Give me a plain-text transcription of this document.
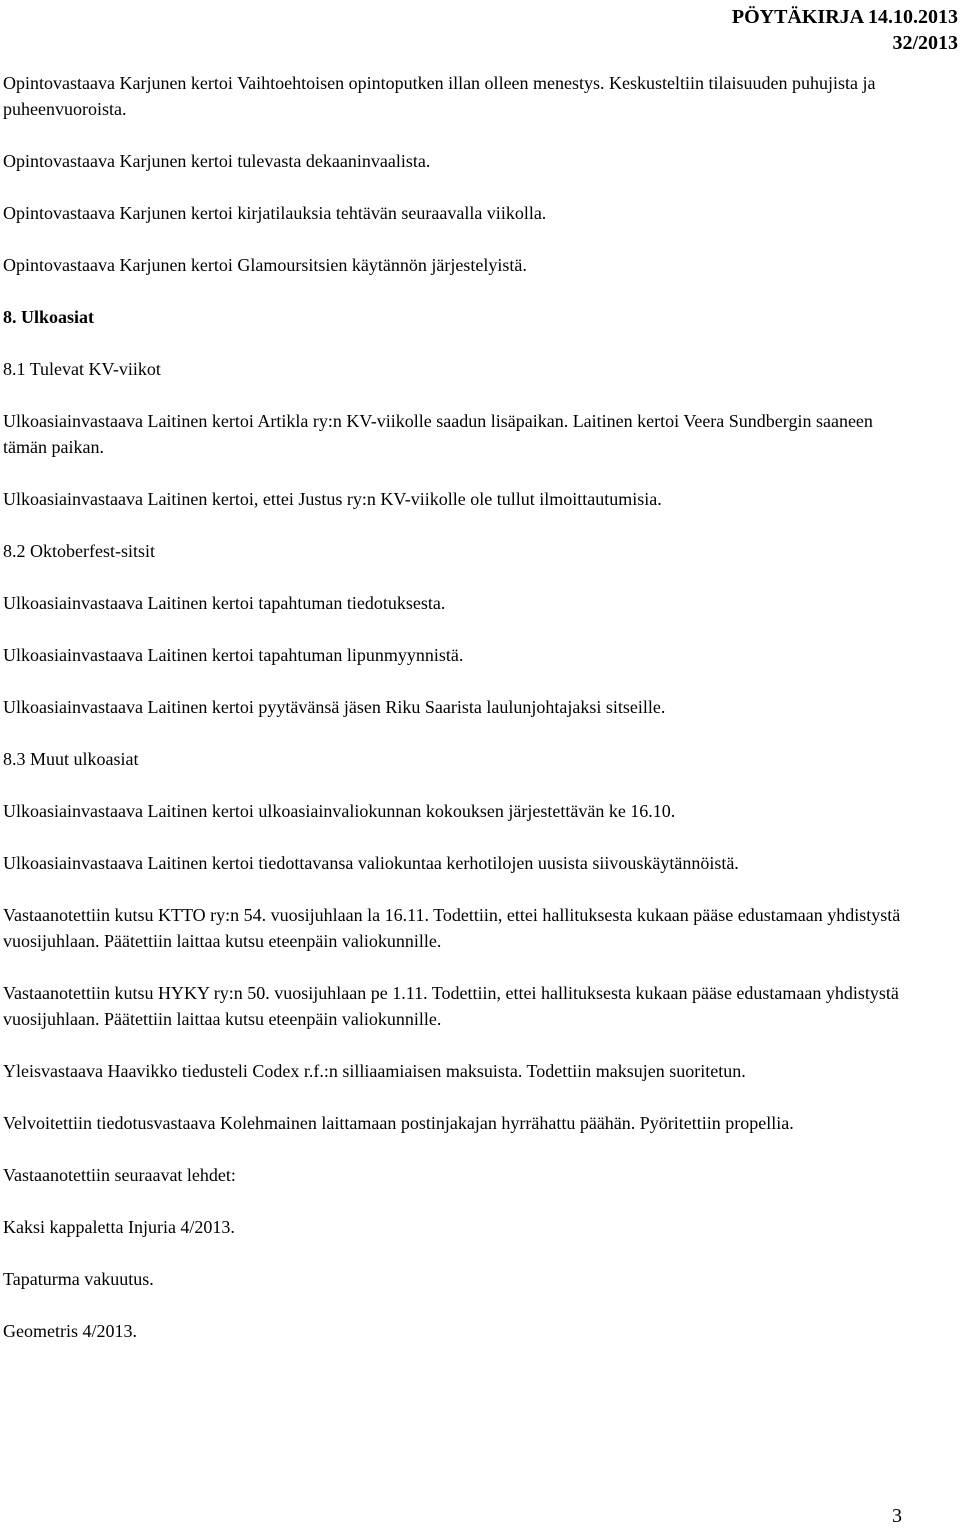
PÖYTÄKIRJA 14.10.2013
32/2013

Opintovastaava Karjunen kertoi Vaihtoehtoisen opintoputken illan olleen menestys. Keskusteltiin tilaisuuden puhujista ja puheenvuoroista.

Opintovastaava Karjunen kertoi tulevasta dekaaninvaalista.

Opintovastaava Karjunen kertoi kirjatilauksia tehtävän seuraavalla viikolla.

Opintovastaava Karjunen kertoi Glamoursitsien käytännön järjestelyistä.

8. Ulkoasiat

8.1 Tulevat KV-viikot

Ulkoasiainvastaava Laitinen kertoi Artikla ry:n KV-viikolle saadun lisäpaikan. Laitinen kertoi Veera Sundbergin saaneen tämän paikan.

Ulkoasiainvastaava Laitinen kertoi, ettei Justus ry:n KV-viikolle ole tullut ilmoittautumisia.

8.2 Oktoberfest-sitsit

Ulkoasiainvastaava Laitinen kertoi tapahtuman tiedotuksesta.

Ulkoasiainvastaava Laitinen kertoi tapahtuman lipunmyynnistä.

Ulkoasiainvastaava Laitinen kertoi pyytävänsä jäsen Riku Saarista laulunjohtajaksi sitseille.

8.3 Muut ulkoasiat

Ulkoasiainvastaava Laitinen kertoi ulkoasiainvaliokunnan kokouksen järjestettävän ke 16.10.

Ulkoasiainvastaava Laitinen kertoi tiedottavansa valiokuntaa kerhotilojen uusista siivouskäytännöistä.

Vastaanotettiin kutsu KTTO ry:n 54. vuosijuhlaan la 16.11. Todettiin, ettei hallituksesta kukaan pääse edustamaan yhdistystä vuosijuhlaan. Päätettiin laittaa kutsu eteenpäin valiokunnille.

Vastaanotettiin kutsu HYKY ry:n 50. vuosijuhlaan pe 1.11. Todettiin, ettei hallituksesta kukaan pääse edustamaan yhdistystä vuosijuhlaan. Päätettiin laittaa kutsu eteenpäin valiokunnille.

Yleisvastaava Haavikko tiedusteli Codex r.f.:n silliaamiaisen maksuista. Todettiin maksujen suoritetun.

Velvoitettiin tiedotusvastaava Kolehmainen laittamaan postinjakajan hyrrähattu päähän. Pyöritettiin propellia.

Vastaanotettiin seuraavat lehdet:

Kaksi kappaletta Injuria 4/2013.

Tapaturma vakuutus.

Geometris 4/2013.

3
